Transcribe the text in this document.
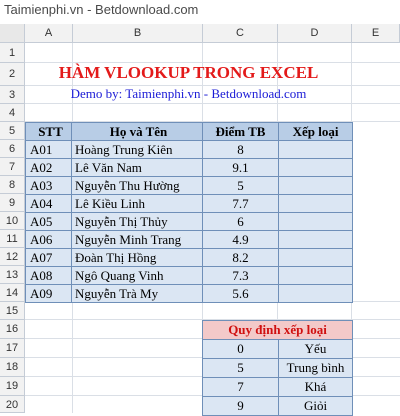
Taimienphi.vn - Betdownload.com
A	B	C	D	E
1
2
3
4
5
6
7
8
9
10
11
12
13
14
15
16
17
18
19
20
HÀM VLOOKUP TRONG EXCEL
Demo by: Taimienphi.vn - Betdownload.com
STT	Họ và Tên	Điểm TB	Xếp loại
A01	Hoàng Trung Kiên	8	
A02	Lê Văn Nam	9.1	
A03	Nguyễn Thu Hường	5	
A04	Lê Kiều Linh	7.7	
A05	Nguyễn Thị Thủy	6	
A06	Nguyễn Minh Trang	4.9	
A07	Đoàn Thị Hồng	8.2	
A08	Ngô Quang Vinh	7.3	
A09	Nguyễn Trà My	5.6	
Quy định xếp loại	
0	Yếu
5	Trung bình
7	Khá
9	Giỏi
